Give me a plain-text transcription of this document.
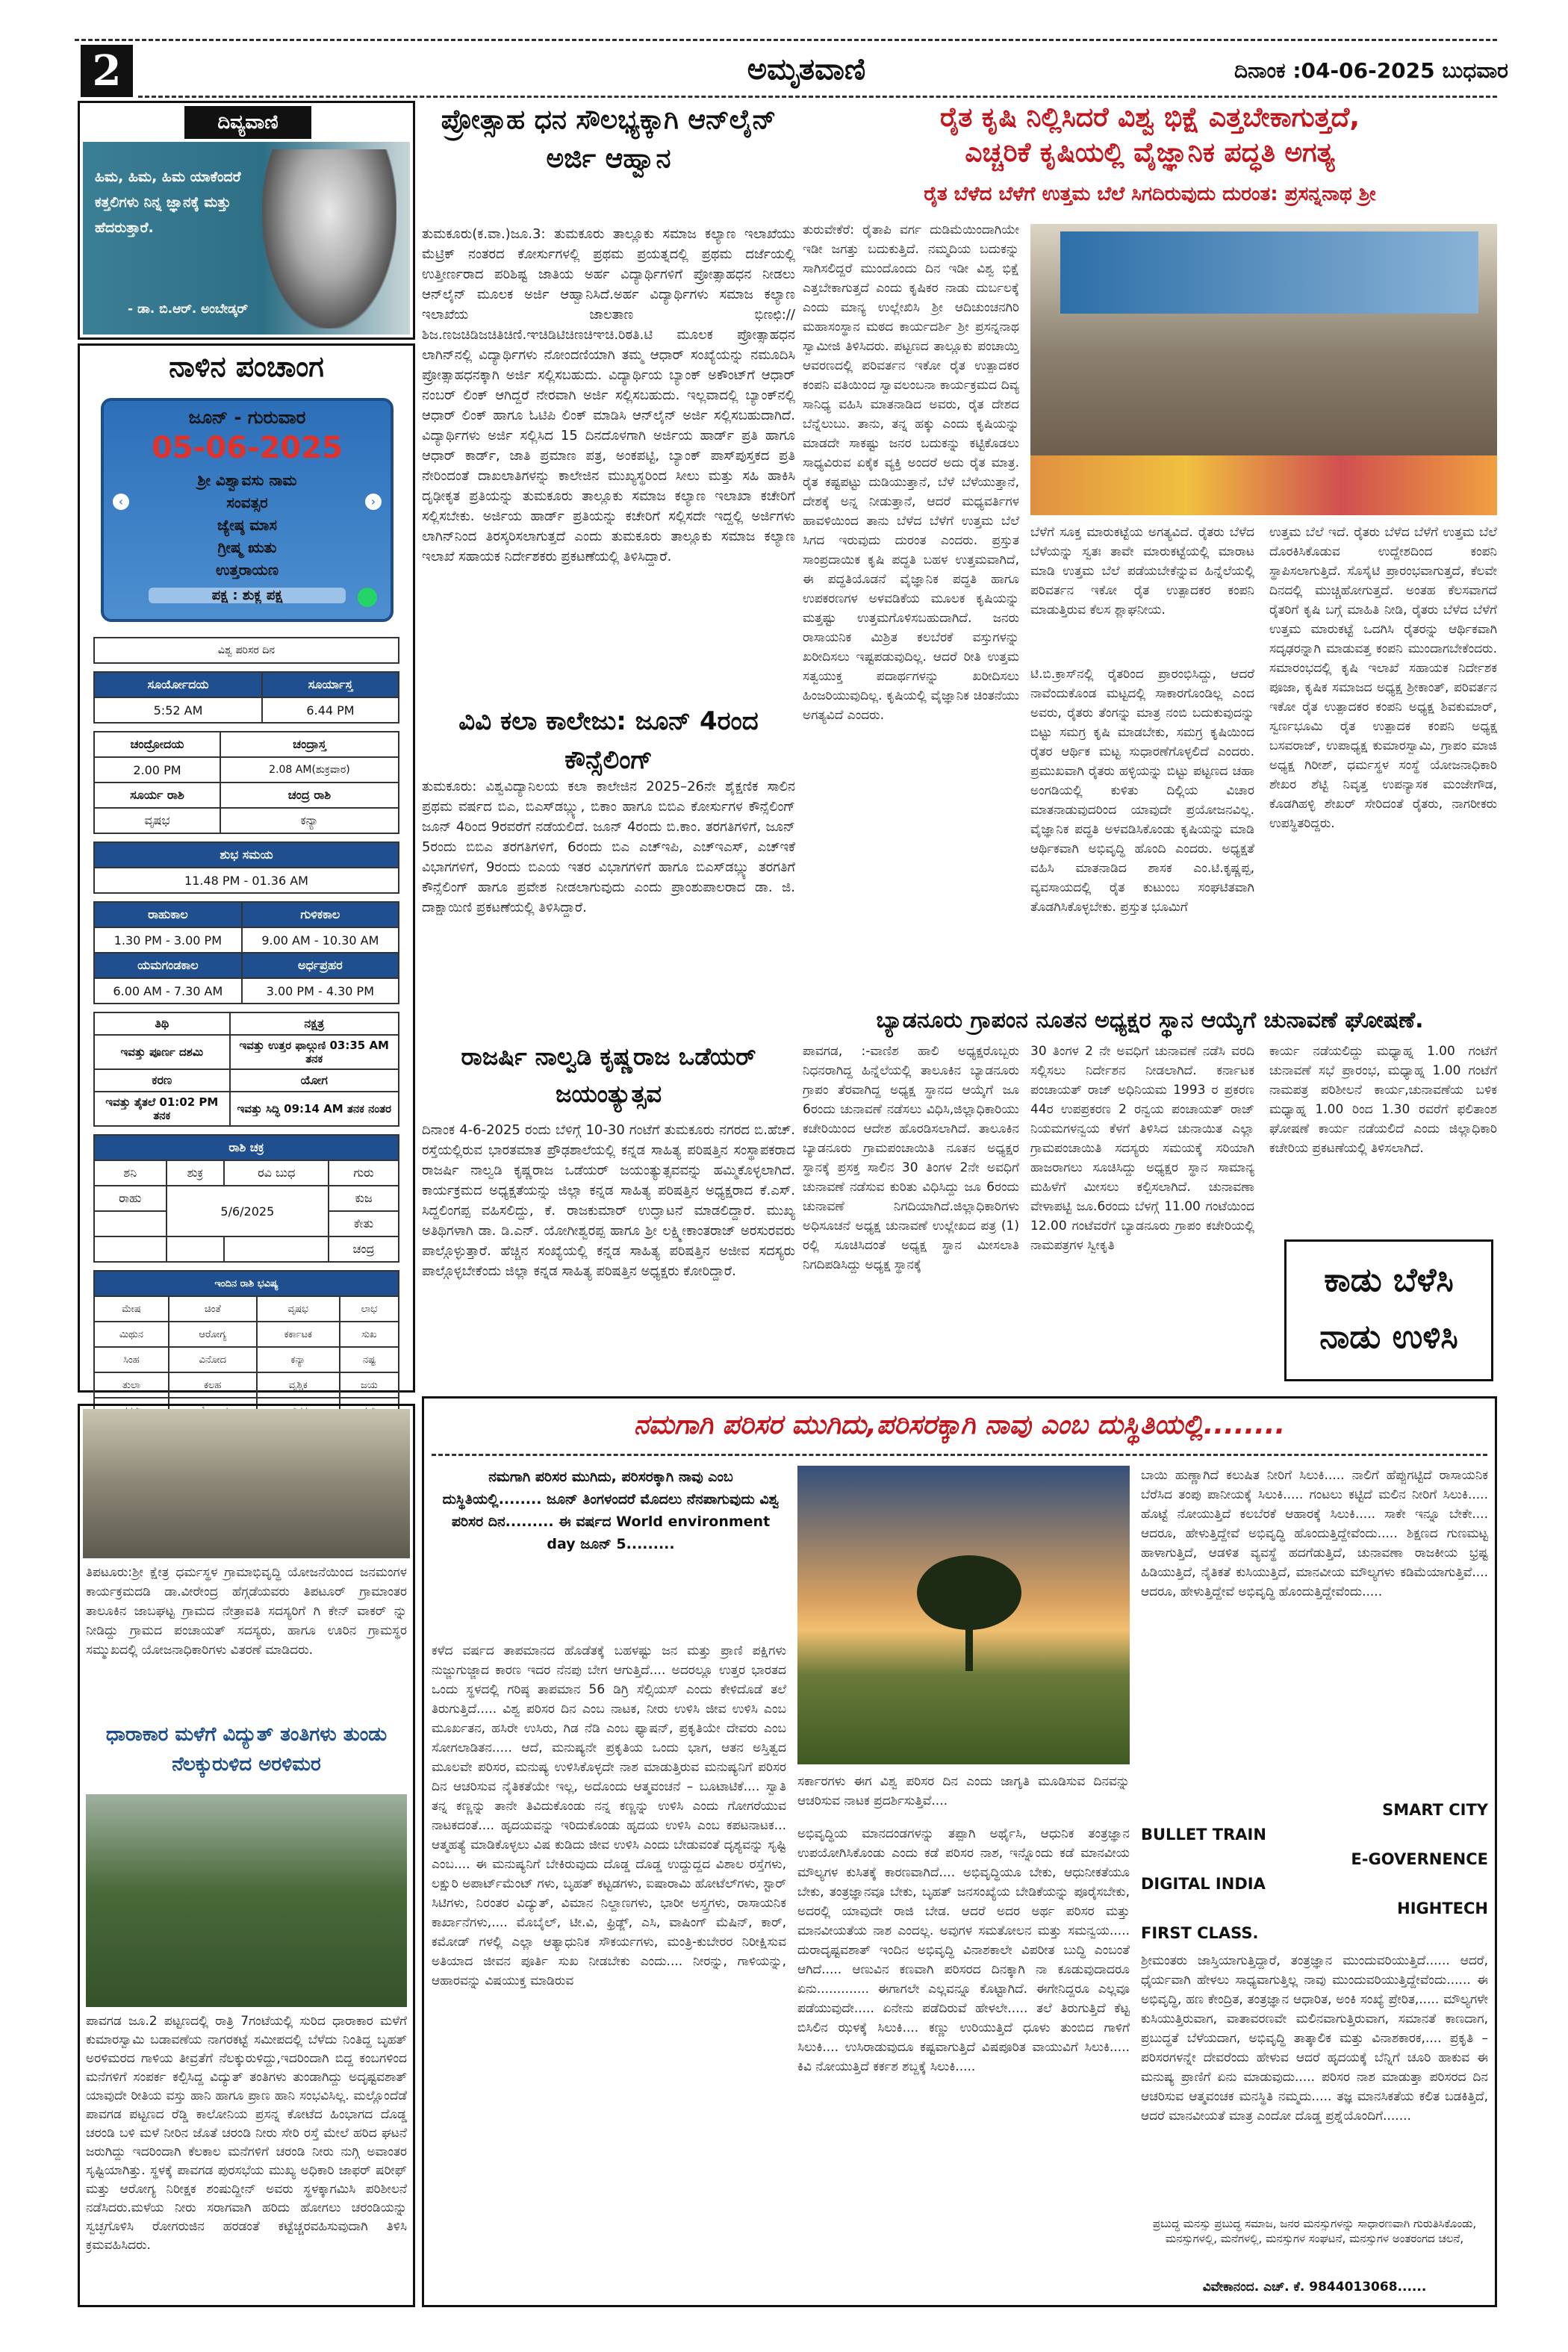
2	ಅಮೃತವಾಣಿ	ದಿನಾಂಕ :04-06-2025 ಬುಧವಾರ
ದಿವ್ಯವಾಣಿ
ಹಿಮ, ಹಿಮ, ಹಿಮ ಯಾಕೆಂದರೆ ಕತ್ತಲಿಗಳು ನಿನ್ನ ಜ್ಞಾನಕ್ಕೆ ಮತ್ತು ಹೆದರುತ್ತಾರೆ.
- ಡಾ. ಬಿ.ಆರ್. ಅಂಬೇಡ್ಕರ್
ನಾಳಿನ ಪಂಚಾಂಗ
ಜೂನ್ - ಗುರುವಾರ
05-06-2025
‹	›
ಶ್ರೀ ವಿಶ್ವಾವಸು ನಾಮ
ಸಂವತ್ಸರ
ಜ್ಯೇಷ್ಠ ಮಾಸ
ಗ್ರೀಷ್ಮ ಋತು
ಉತ್ತರಾಯಣ
ಪಕ್ಷ : ಶುಕ್ಲ ಪಕ್ಷ
ವಿಶ್ವ ಪರಿಸರ ದಿನ
ಸೂರ್ಯೋದಯ	ಸೂರ್ಯಾಸ್ತ
5:52 AM	6.44 PM
ಚಂದ್ರೋದಯ	ಚಂದ್ರಾಸ್ತ
2.00 PM	2.08 AM(ಶುಕ್ರವಾರ)
ಸೂರ್ಯ ರಾಶಿ	ಚಂದ್ರ ರಾಶಿ
ವೃಷಭ	ಕನ್ಯಾ
ಶುಭ ಸಮಯ
11.48 PM - 01.36 AM
ರಾಹುಕಾಲ	ಗುಳಿಕಕಾಲ
1.30 PM - 3.00 PM	9.00 AM - 10.30 AM
ಯಮಗಂಡಕಾಲ	ಅರ್ಧಪ್ರಹರ
6.00 AM - 7.30 AM	3.00 PM - 4.30 PM
ತಿಥಿ	ನಕ್ಷತ್ರ
ಇವತ್ತು ಪೂರ್ಣ ದಶಮಿ	ಇವತ್ತು ಉತ್ತರ ಫಾಲ್ಗುಣಿ 03:35 AM ತನಕ
ಕರಣ	ಯೋಗ
ಇವತ್ತು ತೈತಲೆ 01:02 PM ತನಕ	ಇವತ್ತು ಸಿದ್ಧಿ 09:14 AM ತನಕ ನಂತರ
ರಾಶಿ ಚಕ್ರ			
ಶನಿ	ಶುಕ್ರ	ರವಿ ಬುಧ	ಗುರು
ರಾಹು	5/6/2025		ಕುಜ
			ಕೇತು
			ಚಂದ್ರ
ಇಂದಿನ ರಾಶಿ ಭವಿಷ್ಯ			
ಮೇಷ	ಚಿಂತೆ	ವೃಷಭ	ಲಾಭ
ಮಿಥುನ	ಆರೋಗ್ಯ	ಕರ್ಕಾಟಕ	ಸುಖ
ಸಿಂಹ	ವಿನೋದ	ಕನ್ಯಾ	ನಷ್ಟ
ತುಲಾ	ಕಲಹ	ವೃಶ್ಚಿಕ	ಜಯ

ತಿಪಟೂರು:ಶ್ರೀ ಕ್ಷೇತ್ರ ಧರ್ಮಸ್ಥಳ ಗ್ರಾಮಾಭಿವೃದ್ಧಿ ಯೋಜನೆಯಿಂದ ಜನಮಂಗಳ ಕಾರ್ಯಕ್ರಮದಡಿ ಡಾ.ವೀರೇಂದ್ರ ಹೆಗ್ಗಡೆಯವರು ತಿಪಟೂರ್ ಗ್ರಾಮಾಂತರ ತಾಲೂಕಿನ ಜಾಬಘಟ್ಟ ಗ್ರಾಮದ ನೇತ್ರಾವತಿ ಸದಸ್ಯರಿಗೆ ಗಿ ಕೇನ್ ವಾಕರ್ ನ್ನು ನೀಡಿದ್ದು ಗ್ರಾಮದ ಪಂಚಾಯತ್ ಸದಸ್ಯರು, ಹಾಗೂ ಊರಿನ ಗ್ರಾಮಸ್ಥರ ಸಮ್ಮುಖದಲ್ಲಿ ಯೋಜನಾಧಿಕಾರಿಗಳು ವಿತರಣೆ ಮಾಡಿದರು.
ಧಾರಾಕಾರ ಮಳೆಗೆ ವಿದ್ಯುತ್ ತಂತಿಗಳು ತುಂಡು ನೆಲಕ್ಕುರುಳಿದ ಅರಳಿಮರ
ಪಾವಗಡ ಜೂ.2 ಪಟ್ಟಣದಲ್ಲಿ ರಾತ್ರಿ 7ಗಂಟೆಯಲ್ಲಿ ಸುರಿದ ಧಾರಾಕಾರ ಮಳೆಗೆ ಕುಮಾರಸ್ವಾಮಿ ಬಡಾವಣೆಯ ನಾಗರಕಟ್ಟೆ ಸಮೀಪದಲ್ಲಿ ಬೆಳೆದು ನಿಂತಿದ್ದ ಬೃಹತ್ ಅರಳಿಮರದ ಗಾಳಿಯ ತೀವ್ರತೆಗೆ ನೆಲಕ್ಕುರುಳಿದ್ದು,ಇದರಿಂದಾಗಿ ಬಿದ್ದ ಕಂಬಗಳಿಂದ ಮನೆಗಳಿಗೆ ಸಂಪರ್ಕ ಕಲ್ಪಿಸಿದ್ದ ವಿದ್ಯುತ್ ತಂತಿಗಳು ತುಂಡಾಗಿದ್ದು ಅದೃಷ್ಟವಶಾತ್ ಯಾವುದೇ ರೀತಿಯ ವಸ್ತು ಹಾನಿ ಹಾಗೂ ಪ್ರಾಣ ಹಾನಿ ಸಂಭವಿಸಿಲ್ಲ. ಮಲ್ಲೊಂದೆಡೆ ಪಾವಗಡ ಪಟ್ಟಣದ ರೆಡ್ಡಿ ಕಾಲೋನಿಯ ಪ್ರಸನ್ನ ಕೋಟೆದ ಹಿಂಭಾಗದ ದೊಡ್ಡ ಚರಂಡಿ ಬಳಿ ಮಳೆ ನೀರಿನ ಜೊತೆ ಚರಂಡಿ ನೀರು ಸೇರಿ ರಸ್ತೆ ಮೇಲೆ ಹರಿದ ಘಟನೆ ಜರುಗಿದ್ದು ಇದರಿಂದಾಗಿ ಕೆಲಕಾಲ ಮನೆಗಳಿಗೆ ಚರಂಡಿ ನೀರು ನುಗ್ಗಿ ಅವಾಂತರ ಸೃಷ್ಟಿಯಾಗಿತ್ತು. ಸ್ಥಳಕ್ಕೆ ಪಾವಗಡ ಪುರಸಭೆಯ ಮುಖ್ಯ ಅಧಿಕಾರಿ ಜಾಫರ್ ಷರೀಫ್ ಮತ್ತು ಆರೋಗ್ಯ ನಿರೀಕ್ಷಕ ಶಂಷುದ್ದೀನ್ ಅವರು ಸ್ಥಳಕ್ಕಾಗಮಿಸಿ ಪರಿಶೀಲನೆ ನಡೆಸಿದರು.ಮಳೆಯ ನೀರು ಸರಾಗವಾಗಿ ಹರಿದು ಹೋಗಲು ಚರಂಡಿಯನ್ನು ಸ್ವಚ್ಛಗೊಳಿಸಿ ರೋಗರುಜಿನ ಹರಡಂತೆ ಕಟ್ಟೆಚ್ಚರವಹಿಸುವುದಾಗಿ ತಿಳಿಸಿ ಕ್ರಮವಹಿಸಿದರು.
ಪ್ರೋತ್ಸಾಹ ಧನ ಸೌಲಭ್ಯಕ್ಕಾಗಿ ಆನ್‌ಲೈನ್ ಅರ್ಜಿ ಆಹ್ವಾನ
ತುಮಕೂರು(ಕ.ವಾ.)ಜೂ.3: ತುಮಕೂರು ತಾಲ್ಲೂಕು ಸಮಾಜ ಕಲ್ಯಾಣ ಇಲಾಖೆಯು ಮೆಟ್ರಿಕ್ ನಂತರದ ಕೋರ್ಸುಗಳಲ್ಲಿ ಪ್ರಥಮ ಪ್ರಯತ್ನದಲ್ಲಿ ಪ್ರಥಮ ದರ್ಜೆಯಲ್ಲಿ ಉತ್ತೀರ್ಣರಾದ ಪರಿಶಿಷ್ಟ ಜಾತಿಯ ಅರ್ಹ ವಿದ್ಯಾರ್ಥಿಗಳಿಗೆ ಪ್ರೋತ್ಸಾಹಧನ ನೀಡಲು ಆನ್‌ಲೈನ್ ಮೂಲಕ ಅರ್ಜಿ ಆಹ್ವಾನಿಸಿದೆ.ಅರ್ಹ ವಿದ್ಯಾರ್ಥಿಗಳು ಸಮಾಜ ಕಲ್ಯಾಣ ಇಲಾಖೆಯ ಜಾಲತಾಣ ಭಿಣಛಿ:// ಶಿಜ.ಣಜಚಿಡಿಜಚಿತಿಚಿಣಿ.ಞಚಿಡಿಟಿಚಿಣಚಿಞಚಿ.ರಿಠತಿ.ಟಿ ಮೂಲಕ ಪ್ರೋತ್ಸಾಹಧನ ಲಾಗಿನ್‌ನಲ್ಲಿ ವಿದ್ಯಾರ್ಥಿಗಳು ನೋಂದಣಿಯಾಗಿ ತಮ್ಮ ಆಧಾರ್ ಸಂಖ್ಯೆಯನ್ನು ನಮೂದಿಸಿ ಪ್ರೋತ್ಸಾಹಧನಕ್ಕಾಗಿ ಅರ್ಜಿ ಸಲ್ಲಿಸಬಹುದು. ವಿದ್ಯಾರ್ಥಿಯ ಬ್ಯಾಂಕ್ ಅಕೌಂಟ್‌ಗೆ ಆಧಾರ್ ನಂಬರ್ ಲಿಂಕ್ ಆಗಿದ್ದರೆ ನೇರವಾಗಿ ಅರ್ಜಿ ಸಲ್ಲಿಸಬಹುದು. ಇಲ್ಲವಾದಲ್ಲಿ ಬ್ಯಾಂಕ್‌ನಲ್ಲಿ ಆಧಾರ್ ಲಿಂಕ್ ಹಾಗೂ ಓಟಿಪಿ ಲಿಂಕ್ ಮಾಡಿಸಿ ಆನ್‌ಲೈನ್ ಅರ್ಜಿ ಸಲ್ಲಿಸಬಹುದಾಗಿದೆ. ವಿದ್ಯಾರ್ಥಿಗಳು ಅರ್ಜಿ ಸಲ್ಲಿಸಿದ 15 ದಿನದೊಳಗಾಗಿ ಅರ್ಜಿಯ ಹಾರ್ಡ್ ಪ್ರತಿ ಹಾಗೂ ಆಧಾರ್ ಕಾರ್ಡ್, ಜಾತಿ ಪ್ರಮಾಣ ಪತ್ರ, ಅಂಕಪಟ್ಟಿ, ಬ್ಯಾಂಕ್ ಪಾಸ್‌ಪುಸ್ತಕದ ಪ್ರತಿ ನೇರಿಂದಂತೆ ದಾಖಲಾತಿಗಳನ್ನು ಕಾಲೇಜಿನ ಮುಖ್ಯಸ್ಥರಿಂದ ಸೀಲು ಮತ್ತು ಸಹಿ ಹಾಕಿಸಿ ದೃಢೀಕೃತ ಪ್ರತಿಯನ್ನು ತುಮಕೂರು ತಾಲ್ಲೂಕು ಸಮಾಜ ಕಲ್ಯಾಣ ಇಲಾಖಾ ಕಚೇರಿಗೆ ಸಲ್ಲಿಸಬೇಕು. ಅರ್ಜಿಯ ಹಾರ್ಡ್ ಪ್ರತಿಯನ್ನು ಕಚೇರಿಗೆ ಸಲ್ಲಿಸದೇ ಇದ್ದಲ್ಲಿ ಅರ್ಜಿಗಳು ಲಾಗಿನ್‌ನಿಂದ ತಿರಸ್ಕರಿಸಲಾಗುತ್ತದೆ ಎಂದು ತುಮಕೂರು ತಾಲ್ಲೂಕು ಸಮಾಜ ಕಲ್ಯಾಣ ಇಲಾಖೆ ಸಹಾಯಕ ನಿರ್ದೇಶಕರು ಪ್ರಕಟಣೆಯಲ್ಲಿ ತಿಳಿಸಿದ್ದಾರೆ.
ವಿವಿ ಕಲಾ ಕಾಲೇಜು: ಜೂನ್ 4ರಂದ ಕೌನ್ಸೆಲಿಂಗ್
ತುಮಕೂರು: ವಿಶ್ವವಿದ್ಯಾನಿಲಯ ಕಲಾ ಕಾಲೇಜಿನ 2025–26ನೇ ಶೈಕ್ಷಣಿಕ ಸಾಲಿನ ಪ್ರಥಮ ವರ್ಷದ ಬಿಎ, ಬಿಎಸ್‌ಡಬ್ಲ್ಯು, ಬಿಕಾಂ ಹಾಗೂ ಬಿಬಿಎ ಕೋರ್ಸುಗಳ ಕೌನ್ಸೆಲಿಂಗ್ ಜೂನ್ 4ರಿಂದ 9ರವರೆಗೆ ನಡೆಯಲಿದೆ. ಜೂನ್ 4ರಂದು ಬಿ.ಕಾಂ. ತರಗತಿಗಳಿಗೆ, ಜೂನ್ 5ರಂದು ಬಿಬಿಎ ತರಗತಿಗಳಿಗೆ, 6ರಂದು ಬಿಎ ಎಚ್‌ಇಪಿ, ಎಚ್‌ಇಎಸ್, ಎಚ್‌ಇಕೆ ವಿಭಾಗಗಳಿಗೆ, 9ರಂದು ಬಿಎಯ ಇತರ ವಿಭಾಗಗಳಿಗೆ ಹಾಗೂ ಬಿಎಸ್‌ಡಬ್ಲ್ಯು ತರಗತಿಗೆ ಕೌನ್ಸೆಲಿಂಗ್ ಹಾಗೂ ಪ್ರವೇಶ ನೀಡಲಾಗುವುದು ಎಂದು ಪ್ರಾಂಶುಪಾಲರಾದ ಡಾ. ಜಿ. ದಾಕ್ಷಾಯಿಣಿ ಪ್ರಕಟಣೆಯಲ್ಲಿ ತಿಳಿಸಿದ್ದಾರೆ.
ರಾಜರ್ಷಿ ನಾಲ್ವಡಿ ಕೃಷ್ಣರಾಜ ಒಡೆಯರ್ ಜಯಂತ್ಯುತ್ಸವ
ದಿನಾಂಕ 4-6-2025 ರಂದು ಬೆಳಿಗ್ಗೆ 10-30 ಗಂಟೆಗೆ ತುಮಕೂರು ನಗರದ ಬಿ.ಹೆಚ್. ರಸ್ತೆಯಲ್ಲಿರುವ ಭಾರತಮಾತ ಪ್ರೌಢಶಾಲೆಯಲ್ಲಿ ಕನ್ನಡ ಸಾಹಿತ್ಯ ಪರಿಷತ್ತಿನ ಸಂಸ್ಥಾಪಕರಾದ ರಾಜರ್ಷಿ ನಾಲ್ವಡಿ ಕೃಷ್ಣರಾಜ ಒಡೆಯರ್ ಜಯಂತ್ಯುತ್ಸವವನ್ನು ಹಮ್ಮಿಕೊಳ್ಳಲಾಗಿದೆ. ಕಾರ್ಯಕ್ರಮದ ಅಧ್ಯಕ್ಷತೆಯನ್ನು ಜಿಲ್ಲಾ ಕನ್ನಡ ಸಾಹಿತ್ಯ ಪರಿಷತ್ತಿನ ಅಧ್ಯಕ್ಷರಾದ ಕೆ.ಎಸ್. ಸಿದ್ದಲಿಂಗಪ್ಪ ವಹಿಸಲಿದ್ದು, ಕೆ. ರಾಜಕುಮಾರ್ ಉದ್ಘಾಟನೆ ಮಾಡಲಿದ್ದಾರೆ. ಮುಖ್ಯ ಅತಿಥಿಗಳಾಗಿ ಡಾ. ಡಿ.ಎನ್. ಯೋಗೀಶ್ವರಪ್ಪ ಹಾಗೂ ಶ್ರೀ ಲಕ್ಷ್ಮೀಕಾಂತರಾಜ್ ಅರಸುರವರು ಪಾಲ್ಗೊಳ್ಳುತ್ತಾರೆ. ಹೆಚ್ಚಿನ ಸಂಖ್ಯೆಯಲ್ಲಿ ಕನ್ನಡ ಸಾಹಿತ್ಯ ಪರಿಷತ್ತಿನ ಅಜೀವ ಸದಸ್ಯರು ಪಾಲ್ಗೊಳ್ಳಬೇಕೆಂದು ಜಿಲ್ಲಾ ಕನ್ನಡ ಸಾಹಿತ್ಯ ಪರಿಷತ್ತಿನ ಅಧ್ಯಕ್ಷರು ಕೋರಿದ್ದಾರೆ.
ರೈತ ಕೃಷಿ ನಿಲ್ಲಿಸಿದರೆ ವಿಶ್ವ ಭಿಕ್ಷೆ ಎತ್ತಬೇಕಾಗುತ್ತದೆ,
ಎಚ್ಚರಿಕೆ ಕೃಷಿಯಲ್ಲಿ ವೈಜ್ಞಾನಿಕ ಪದ್ಧತಿ ಅಗತ್ಯ
ರೈತ ಬೆಳೆದ ಬೆಳೆಗೆ ಉತ್ತಮ ಬೆಲೆ ಸಿಗದಿರುವುದು ದುರಂತ: ಪ್ರಸನ್ನನಾಥ ಶ್ರೀ
ತುರುವೇಕೆರೆ: ರೈತಾಪಿ ವರ್ಗ ದುಡಿಮೆಯಿಂದಾಗಿಯೇ ಇಡೀ ಜಗತ್ತು ಬದುಕುತ್ತಿದೆ. ನಮ್ಮದಿಯ ಬದುಕನ್ನು ಸಾಗಿಸಲಿದ್ದರೆ ಮುಂದೊಂದು ದಿನ ಇಡೀ ವಿಶ್ವ ಭಿಕ್ಷೆ ಎತ್ತಬೇಕಾಗುತ್ತದೆ ಎಂದು ಕೃಷಿಕರ ನಾಡು ದುರ್ಬಲಕ್ಕೆ ಎಂದು ಮಾನ್ಯ ಉಲ್ಲೇಖಿಸಿ ಶ್ರೀ ಆದಿಚುಂಚನಗಿರಿ ಮಹಾಸಂಸ್ಥಾನ ಮಠದ ಕಾರ್ಯದರ್ಶಿ ಶ್ರೀ ಪ್ರಸನ್ನನಾಥ ಸ್ವಾಮೀಜಿ ತಿಳಿಸಿದರು. ಪಟ್ಟಣದ ತಾಲ್ಲೂಕು ಪಂಚಾಯ್ತಿ ಆವರಣದಲ್ಲಿ ಪರಿವರ್ತನ ಇಕೋ ರೈತ ಉತ್ಪಾದಕರ ಕಂಪನಿ ವತಿಯಿಂದ ಸ್ವಾವಲಂಬನಾ ಕಾರ್ಯಕ್ರಮದ ದಿವ್ಯ ಸಾನಿಧ್ಯ ವಹಿಸಿ ಮಾತನಾಡಿದ ಅವರು, ರೈತ ದೇಶದ ಬೆನ್ನೆಲುಬು. ತಾನು, ತನ್ನ ಹಕ್ಕು ಎಂದು ಕೃಷಿಯನ್ನು ಮಾಡದೇ ಸಾಕಷ್ಟು ಜನರ ಬದುಕನ್ನು ಕಟ್ಟಿಕೊಡಲು ಸಾಧ್ಯವಿರುವ ಏಕೈಕ ವ್ಯಕ್ತಿ ಅಂದರೆ ಅದು ರೈತ ಮಾತ್ರ. ರೈತ ಕಷ್ಟಪಟ್ಟು ದುಡಿಯುತ್ತಾನೆ, ಬೆಳೆ ಬೆಳೆಯುತ್ತಾನೆ, ದೇಶಕ್ಕೆ ಅನ್ನ ನೀಡುತ್ತಾನೆ, ಆದರೆ ಮಧ್ಯವರ್ತಿಗಳ ಹಾವಳಿಯಿಂದ ತಾನು ಬೆಳೆದ ಬೆಳೆಗೆ ಉತ್ತಮ ಬೆಲೆ ಸಿಗದ ಇರುವುದು ದುರಂತ ಎಂದರು. ಪ್ರಸ್ತುತ ಸಾಂಪ್ರದಾಯಿಕ ಕೃಷಿ ಪದ್ಧತಿ ಬಹಳ ಉತ್ತಮವಾಗಿದೆ, ಈ ಪದ್ಧತಿಯೊಡನೆ ವೈಜ್ಞಾನಿಕ ಪದ್ಧತಿ ಹಾಗೂ ಉಪಕರಣಗಳ ಅಳವಡಿಕೆಯ ಮೂಲಕ ಕೃಷಿಯನ್ನು ಮತ್ತಷ್ಟು ಉತ್ತಮಗೊಳಿಸಬಹುದಾಗಿದೆ. ಜನರು ರಾಸಾಯನಿಕ ಮಿಶ್ರಿತ ಕಲಬೆರಕೆ ವಸ್ತುಗಳನ್ನು ಖರೀದಿಸಲು ಇಷ್ಟಪಡುವುದಿಲ್ಲ. ಆದರೆ ರೀತಿ ಉತ್ತಮ ಸತ್ವಯುಕ್ತ ಪದಾರ್ಥಗಳನ್ನು ಖರೀದಿಸಲು ಹಿಂಜರಿಯುವುದಿಲ್ಲ. ಕೃಷಿಯಲ್ಲಿ ವೈಜ್ಞಾನಿಕ ಚಿಂತನೆಯು ಅಗತ್ಯವಿದೆ ಎಂದರು.
ಬೆಳೆಗೆ ಸೂಕ್ತ ಮಾರುಕಟ್ಟೆಯ ಅಗತ್ಯವಿದೆ. ರೈತರು ಬೆಳೆದ ಬೆಳೆಯನ್ನು ಸ್ವತಃ ತಾವೇ ಮಾರುಕಟ್ಟೆಯಲ್ಲಿ ಮಾರಾಟ ಮಾಡಿ ಉತ್ತಮ ಬೆಲೆ ಪಡೆಯಬೇಕೆನ್ನುವ ಹಿನ್ನೆಲೆಯಲ್ಲಿ ಪರಿವರ್ತನ ಇಕೋ ರೈತ ಉತ್ಪಾದಕರ ಕಂಪನಿ ಮಾಡುತ್ತಿರುವ ಕೆಲಸ ಶ್ಲಾಘನೀಯ.
ಟಿ.ಬಿ.ಕ್ರಾಸ್‌ನಲ್ಲಿ ರೈತರಿಂದ ಪ್ರಾರಂಭಿಸಿದ್ದು, ಆದರೆ ನಾವೆಂದುಕೊಂಡ ಮಟ್ಟದಲ್ಲಿ ಸಾಕಾರಗೊಂಡಿಲ್ಲ ಎಂದ ಅವರು, ರೈತರು ತೆಂಗನ್ನು ಮಾತ್ರ ನಂಬಿ ಬದುಕುವುದನ್ನು ಬಿಟ್ಟು ಸಮಗ್ರ ಕೃಷಿ ಮಾಡಬೇಕು, ಸಮಗ್ರ ಕೃಷಿಯಿಂದ ರೈತರ ಆರ್ಥಿಕ ಮಟ್ಟ ಸುಧಾರಣೆಗೊಳ್ಳಲಿದೆ ಎಂದರು. ಪ್ರಮುಖವಾಗಿ ರೈತರು ಹಳ್ಳಿಯನ್ನು ಬಿಟ್ಟು ಪಟ್ಟಣದ ಚಹಾ ಅಂಗಡಿಯಲ್ಲಿ ಕುಳಿತು ದಿಲ್ಲಿಯ ವಿಚಾರ ಮಾತನಾಡುವುದರಿಂದ ಯಾವುದೇ ಪ್ರಯೋಜನವಿಲ್ಲ. ವೈಜ್ಞಾನಿಕ ಪದ್ಧತಿ ಅಳವಡಿಸಿಕೊಂಡು ಕೃಷಿಯನ್ನು ಮಾಡಿ ಆರ್ಥಿಕವಾಗಿ ಅಭಿವೃದ್ಧಿ ಹೊಂದಿ ಎಂದರು. ಅಧ್ಯಕ್ಷತೆ ವಹಿಸಿ ಮಾತನಾಡಿದ ಶಾಸಕ ಎಂ.ಟಿ.ಕೃಷ್ಣಪ್ಪ, ವ್ಯವಸಾಯದಲ್ಲಿ ರೈತ ಕುಟುಂಬ ಸಂಘಟಿತವಾಗಿ ತೊಡಗಿಸಿಕೊಳ್ಳಬೇಕು. ಪ್ರಸ್ತುತ ಭೂಮಿಗೆ
ಉತ್ತಮ ಬೆಲೆ ಇದೆ. ರೈತರು ಬೆಳೆದ ಬೆಳೆಗೆ ಉತ್ತಮ ಬೆಲೆ ದೊರಕಿಸಿಕೊಡುವ ಉದ್ದೇಶದಿಂದ ಕಂಪನಿ ಸ್ಥಾಪಿಸಲಾಗುತ್ತಿದೆ. ಸೊಸೈಟಿ ಪ್ರಾರಂಭವಾಗುತ್ತದೆ, ಕೆಲವೇ ದಿನದಲ್ಲಿ ಮುಚ್ಚಿಹೋಗುತ್ತದೆ. ಅಂತಹ ಕೆಲಸವಾಗದೆ ರೈತರಿಗೆ ಕೃಷಿ ಬಗ್ಗೆ ಮಾಹಿತಿ ನೀಡಿ, ರೈತರು ಬೆಳೆದ ಬೆಳೆಗೆ ಉತ್ತಮ ಮಾರುಕಟ್ಟೆ ಒದಗಿಸಿ ರೈತರನ್ನು ಆರ್ಥಿಕವಾಗಿ ಸದೃಢರನ್ನಾಗಿ ಮಾಡುವತ್ತ ಕಂಪನಿ ಮುಂದಾಗಬೇಕೆಂದರು. ಸಮಾರಂಭದಲ್ಲಿ ಕೃಷಿ ಇಲಾಖೆ ಸಹಾಯಕ ನಿರ್ದೇಶಕ ಪೂಜಾ, ಕೃಷಿಕ ಸಮಾಜದ ಅಧ್ಯಕ್ಷ ಶ್ರೀಕಾಂತ್, ಪರಿವರ್ತನ ಇಕೋ ರೈತ ಉತ್ಪಾದಕರ ಕಂಪನಿ ಅಧ್ಯಕ್ಷ ಶಿವಕುಮಾರ್, ಸ್ವರ್ಣಭೂಮಿ ರೈತ ಉತ್ಪಾದಕ ಕಂಪನಿ ಅಧ್ಯಕ್ಷ ಬಸವರಾಜ್, ಉಪಾಧ್ಯಕ್ಷ ಕುಮಾರಸ್ವಾಮಿ, ಗ್ರಾಪಂ ಮಾಜಿ ಅಧ್ಯಕ್ಷ ಗಿರೀಶ್, ಧರ್ಮಸ್ಥಳ ಸಂಸ್ಥೆ ಯೋಜನಾಧಿಕಾರಿ ಶೇಖರ ಶೆಟ್ಟಿ ನಿವೃತ್ತ ಉಪನ್ಯಾಸಕ ಮಂಜೇಗೌಡ, ಕೊಡಗಿಹಳ್ಳಿ ಶೇಖರ್ ಸೇರಿದಂತೆ ರೈತರು, ನಾಗರೀಕರು ಉಪಸ್ಥಿತರಿದ್ದರು.
ಬ್ಯಾಡನೂರು ಗ್ರಾಪಂನ ನೂತನ ಅಧ್ಯಕ್ಷರ ಸ್ಥಾನ ಆಯ್ಕೆಗೆ ಚುನಾವಣೆ ಘೋಷಣೆ.
ಪಾವಗಡ, :-ವಾಣಿಶ ಹಾಲಿ ಅಧ್ಯಕ್ಷರೊಬ್ಬರು ನಿಧನರಾಗಿದ್ದ ಹಿನ್ನೆಲೆಯಲ್ಲಿ ತಾಲೂಕಿನ ಬ್ಯಾಡನೂರು ಗ್ರಾಪಂ ತೆರವಾಗಿದ್ದ ಅಧ್ಯಕ್ಷ ಸ್ಥಾನದ ಆಯ್ಕೆಗೆ ಜೂ 6ರಂದು ಚುನಾವಣೆ ನಡೆಸಲು ವಿಧಿಸಿ,ಜಿಲ್ಲಾಧಿಕಾರಿಯು ಕಚೇರಿಯಿಂದ ಆದೇಶ ಹೊರಡಿಸಲಾಗಿದೆ. ತಾಲೂಕಿನ ಬ್ಯಾಡನೂರು ಗ್ರಾಮಪಂಚಾಯಿತಿ ನೂತನ ಅಧ್ಯಕ್ಷರ ಸ್ಥಾನಕ್ಕೆ ಪ್ರಸಕ್ತ ಸಾಲಿನ 30 ತಿಂಗಳ 2ನೇ ಅವಧಿಗೆ ಚುನಾವಣೆ ನಡೆಸುವ ಕುರಿತು ವಿಧಿಸಿದ್ದು ಜೂ 6ರಂದು ಚುನಾವಣೆ ನಿಗದಿಯಾಗಿದೆ.ಜಿಲ್ಲಾಧಿಕಾರಿಗಳು ಅಧಿಸೂಚನೆ ಅಧ್ಯಕ್ಷ ಚುನಾವಣೆ ಉಲ್ಲೇಖದ ಪತ್ರ (1) ರಲ್ಲಿ ಸೂಚಿಸಿದಂತೆ ಅಧ್ಯಕ್ಷ ಸ್ಥಾನ ಮೀಸಲಾತಿ ನಿಗದಿಪಡಿಸಿದ್ದು ಅಧ್ಯಕ್ಷ ಸ್ಥಾನಕ್ಕೆ
30 ತಿಂಗಳ 2 ನೇ ಅವಧಿಗೆ ಚುನಾವಣೆ ನಡೆಸಿ ವರದಿ ಸಲ್ಲಿಸಲು ನಿರ್ದೇಶನ ನೀಡಲಾಗಿದೆ. ಕರ್ನಾಟಕ ಪಂಚಾಯತ್ ರಾಜ್ ಅಧಿನಿಯಮ 1993 ರ ಪ್ರಕರಣ 44ರ ಉಪಪ್ರಕರಣ 2 ರನ್ವಯ ಪಂಚಾಯತ್ ರಾಜ್ ನಿಯಮಗಳನ್ವಯ ಕೆಳಗೆ ತಿಳಿಸಿದ ಚುನಾಯಿತ ಎಲ್ಲಾ ಗ್ರಾಮಪಂಚಾಯಿತಿ ಸದಸ್ಯರು ಸಮಯಕ್ಕೆ ಸರಿಯಾಗಿ ಹಾಜರಾಗಲು ಸೂಚಿಸಿದ್ದು ಅಧ್ಯಕ್ಷರ ಸ್ಥಾನ ಸಾಮಾನ್ಯ ಮಹಿಳೆಗೆ ಮೀಸಲು ಕಲ್ಪಿಸಲಾಗಿದೆ. ಚುನಾವಣಾ ವೇಳಾಪಟ್ಟಿ ಜೂ.6ರಂದು ಬೆಳಗ್ಗೆ 11.00 ಗಂಟೆಯಿಂದ 12.00 ಗಂಟೆವರೆಗೆ ಬ್ಯಾಡನೂರು ಗ್ರಾಪಂ ಕಚೇರಿಯಲ್ಲಿ ನಾಮಪತ್ರಗಳ ಸ್ವೀಕೃತಿ
ಕಾರ್ಯ ನಡೆಯಲಿದ್ದು ಮಧ್ಯಾಹ್ನ 1.00 ಗಂಟೆಗೆ ಚುನಾವಣೆ ಸಭೆ ಪ್ರಾರಂಭ, ಮಧ್ಯಾಹ್ನ 1.00 ಗಂಟೆಗೆ ನಾಮಪತ್ರ ಪರಿಶೀಲನೆ ಕಾರ್ಯ,ಚುನಾವಣೆಯ ಬಳಿಕ ಮಧ್ಯಾಹ್ನ 1.00 ರಿಂದ 1.30 ರವರೆಗೆ ಫಲಿತಾಂಶ ಘೋಷಣೆ ಕಾರ್ಯ ನಡೆಯಲಿದೆ ಎಂದು ಜಿಲ್ಲಾಧಿಕಾರಿ ಕಚೇರಿಯ ಪ್ರಕಟಣೆಯಲ್ಲಿ ತಿಳಿಸಲಾಗಿದೆ.
ಕಾಡು ಬೆಳೆಸಿ
ನಾಡು ಉಳಿಸಿ
ನಮಗಾಗಿ ಪರಿಸರ ಮುಗಿದು,ಪರಿಸರಕ್ಕಾಗಿ ನಾವು ಎಂಬ ದುಸ್ಥಿತಿಯಲ್ಲಿ........
ನಮಗಾಗಿ ಪರಿಸರ ಮುಗಿದು, ಪರಿಸರಕ್ಕಾಗಿ ನಾವು ಎಂಬ ದುಸ್ಥಿತಿಯಲ್ಲಿ........ ಜೂನ್ ತಿಂಗಳಂದರೆ ಮೊದಲು ನೆನಪಾಗುವುದು ವಿಶ್ವ ಪರಿಸರ ದಿನ......... ಈ ವರ್ಷದ World environment day ಜೂನ್ 5.........
ಕಳೆದ ವರ್ಷದ ತಾಪಮಾನದ ಹೊಡೆತಕ್ಕೆ ಬಹಳಷ್ಟು ಜನ ಮತ್ತು ಪ್ರಾಣಿ ಪಕ್ಷಿಗಳು ನುಜ್ಜುಗುಜ್ಜಾದ ಕಾರಣ ಇದರ ನೆನಪು ಬೇಗ ಆಗುತ್ತಿದೆ.... ಅದರಲ್ಲೂ ಉತ್ತರ ಭಾರತದ ಒಂದು ಸ್ಥಳದಲ್ಲಿ ಗರಿಷ್ಠ ತಾಪಮಾನ 56 ಡಿಗ್ರಿ ಸೆಲ್ಸಿಯಸ್ ಎಂದು ಕೇಳಿದೊಡೆ ತಲೆ ತಿರುಗುತ್ತಿದೆ..... ವಿಶ್ವ ಪರಿಸರ ದಿನ ಎಂಬ ನಾಟಕ, ನೀರು ಉಳಿಸಿ ಜೀವ ಉಳಿಸಿ ಎಂಬ ಮೂರ್ಖತನ, ಹಸಿರೇ ಉಸಿರು, ಗಿಡ ನೆಡಿ ಎಂಬ ಫ್ಯಾಷನ್, ಪ್ರಕೃತಿಯೇ ದೇವರು ಎಂಬ ಸೋಗಲಾಡಿತನ..... ಆದೆ, ಮನುಷ್ಯನೇ ಪ್ರಕೃತಿಯ ಒಂದು ಭಾಗ, ಆತನ ಅಸ್ತಿತ್ವದ ಮೂಲವೇ ಪರಿಸರ, ಮನುಷ್ಯ ಉಳಿಸಿಕೊಳ್ಳದೇ ನಾಶ ಮಾಡುತ್ತಿರುವ ಮನುಷ್ಯನಿಗೆ ಪರಿಸರ ದಿನ ಆಚರಿಸುವ ನೈತಿಕತೆಯೇ ಇಲ್ಲ, ಅದೊಂದು ಆತ್ಮವಂಚನೆ – ಬೂಟಾಟಿಕೆ.... ಸ್ವಾತಿ ತನ್ನ ಕಣ್ಣನ್ನು ತಾನೇ ತಿವಿದುಕೊಂಡು ನನ್ನ ಕಣ್ಣನ್ನು ಉಳಿಸಿ ಎಂದು ಗೋಗರೆಯುವ ನಾಟಕದಂತೆ.... ಹೃದಯವನ್ನು ಇರಿದುಕೊಂಡು ಹೃದಯ ಉಳಿಸಿ ಎಂಬ ಕಪಟನಾಟಕ... ಆತ್ಮಹತ್ಯೆ ಮಾಡಿಕೊಳ್ಳಲು ವಿಷ ಕುಡಿದು ಜೀವ ಉಳಿಸಿ ಎಂದು ಬೇಡುವಂತೆ ದೃಶ್ಯವನ್ನು ಸೃಷ್ಟಿ ಎಂಬ.... ಈ ಮನುಷ್ಯನಿಗೆ ಬೇಕಿರುವುದು ದೊಡ್ಡ ದೊಡ್ಡ ಉದ್ದುದ್ದದ ವಿಶಾಲ ರಸ್ತೆಗಳು, ಲಕ್ಷುರಿ ಅಪಾರ್ಟ್‌ಮೆಂಟ್ ಗಳು, ಬೃಹತ್ ಕಟ್ಟಡಗಳು, ಐಷಾರಾಮಿ ಹೋಟೆಲ್‌ಗಳು, ಸ್ಟಾರ್ ಸಿಟಿಗಳು, ನಿರಂತರ ವಿದ್ಯುತ್, ವಿಮಾನ ನಿಲ್ದಾಣಗಳು, ಭಾರೀ ಅಸ್ತ್ರಗಳು, ರಾಸಾಯನಿಕ ಕಾರ್ಖಾನೆಗಳು,.... ಮೊಬೈಲ್, ಟೀ.ವಿ, ಫ್ರಿಡ್ಜ್, ಎಸಿ, ವಾಷಿಂಗ್ ಮೆಷಿನ್, ಕಾರ್, ಕಮೋಡ್ ಗಳಲ್ಲಿ ಎಲ್ಲಾ ಆತ್ಯಾಧುನಿಕ ಸೌಕರ್ಯಗಳು, ಮಂತ್ರಿ-ಕುಬೇರರ ನಿರೀಕ್ಷಿಸುವ ಅತಿಯಾದ ಜೀವನ ಪೂರ್ತಿ ಸುಖ ನೀಡಬೇಕು ಎಂದು.... ನೀರನ್ನು, ಗಾಳಿಯನ್ನು, ಆಹಾರವನ್ನು ವಿಷಯುಕ್ತ ಮಾಡಿರುವ
ಸರ್ಕಾರಗಳು ಈಗ ವಿಶ್ವ ಪರಿಸರ ದಿನ ಎಂದು ಜಾಗೃತಿ ಮೂಡಿಸುವ ದಿನವನ್ನು ಆಚರಿಸುವ ನಾಟಕ ಪ್ರದರ್ಶಿಸುತ್ತಿವೆ....
ಅಭಿವೃದ್ಧಿಯ ಮಾನದಂಡಗಳನ್ನು ತಪ್ಪಾಗಿ ಅರ್ಥೈಸಿ, ಆಧುನಿಕ ತಂತ್ರಜ್ಞಾನ ಉಪಯೋಗಿಸಿಕೊಂಡು ಎಂದು ಕಡೆ ಪರಿಸರ ನಾಶ, ಇನ್ನೊಂದು ಕಡೆ ಮಾನವೀಯ ಮೌಲ್ಯಗಳ ಕುಸಿತಕ್ಕೆ ಕಾರಣವಾಗಿದೆ.... ಅಭಿವೃದ್ಧಿಯೂ ಬೇಕು, ಆಧುನೀಕತೆಯೂ ಬೇಕು, ತಂತ್ರಜ್ಞಾನವೂ ಬೇಕು, ಬೃಹತ್ ಜನಸಂಖ್ಯೆಯ ಬೇಡಿಕೆಯನ್ನು ಪೂರೈಸಬೇಕು, ಅದರಲ್ಲಿ ಯಾವುದೇ ರಾಜಿ ಬೇಡ. ಆದರೆ ಅದರ ಅರ್ಥ ಪರಿಸರ ಮತ್ತು ಮಾನವೀಯತೆಯ ನಾಶ ಎಂದಲ್ಲ. ಅವುಗಳ ಸಮತೋಲನ ಮತ್ತು ಸಮನ್ವಯ..... ದುರಾದೃಷ್ಟವಶಾತ್ ಇಂದಿನ ಅಭಿವೃದ್ಧಿ ವಿನಾಶಕಾಲೇ ವಿಪರೀತ ಬುದ್ಧಿ ಎಂಬಂತೆ ಆಗಿದೆ..... ಆಣುವಿನ ಕಣವಾಗಿ ಪರಿಸರದ ದಿನಕ್ಕಾಗಿ ನಾ ಕೂಡುವುದಾದರೂ ಏನು............. ಈಗಾಗಲೇ ಎಲ್ಲವನ್ನೂ ಕೊಟ್ಟಾಗಿದೆ. ಈಗೇನಿದ್ದರೂ ಎಲ್ಲವೂ ಪಡೆಯುವುದೇ..... ಏನೇನು ಪಡೆದಿರುವೆ ಹೇಳಲೇ..... ತಲೆ ತಿರುಗುತ್ತಿದೆ ಕೆಟ್ಟ ಬಿಸಿಲಿನ ಝಳಕ್ಕೆ ಸಿಲುಕಿ.... ಕಣ್ಣು ಉರಿಯುತ್ತಿದೆ ಧೂಳು ತುಂಬಿದ ಗಾಳಿಗೆ ಸಿಲುಕಿ.... ಉಸಿರಾಡುವುದೂ ಕಷ್ಟವಾಗುತ್ತಿದೆ ವಿಷಪೂರಿತ ವಾಯುವಿಗೆ ಸಿಲುಕಿ..... ಕಿವಿ ನೋಯುತ್ತಿದೆ ಕರ್ಕಶ ಶಬ್ದಕ್ಕೆ ಸಿಲುಕಿ.....
ಬಾಯಿ ಹುಣ್ಣಾಗಿದೆ ಕಲುಷಿತ ನೀರಿಗೆ ಸಿಲುಕಿ..... ನಾಲಿಗೆ ಹೆಪ್ಪುಗಟ್ಟಿದೆ ರಾಸಾಯನಿಕ ಬೆರೆಸಿದ ತಂಪು ಪಾನೀಯಕ್ಕೆ ಸಿಲುಕಿ..... ಗಂಟಲು ಕಟ್ಟಿದೆ ಮಲಿನ ನೀರಿಗೆ ಸಿಲುಕಿ..... ಹೊಟ್ಟೆ ನೋಯುತ್ತಿದೆ ಕಲಬೆರಕೆ ಆಹಾರಕ್ಕೆ ಸಿಲುಕಿ..... ಸಾಕೇ ಇನ್ನೂ ಬೇಕೇ.... ಆದರೂ, ಹೇಳುತ್ತಿದ್ದೇವೆ ಅಭಿವೃದ್ಧಿ ಹೊಂದುತ್ತಿದ್ದೇವೆಂದು..... ಶಿಕ್ಷಣದ ಗುಣಮಟ್ಟ ಹಾಳಾಗುತ್ತಿದೆ, ಆಡಳಿತ ವ್ಯವಸ್ಥೆ ಹದಗೆಡುತ್ತಿದೆ, ಚುನಾವಣಾ ರಾಜಕೀಯ ಭ್ರಷ್ಟ ಹಿಡಿಯುತ್ತಿದೆ, ನೈತಿಕತೆ ಕುಸಿಯುತ್ತಿದೆ, ಮಾನವೀಯ ಮೌಲ್ಯಗಳು ಕಡಿಮೆಯಾಗುತ್ತಿವೆ.... ಆದರೂ, ಹೇಳುತ್ತಿದ್ದೇವೆ ಅಭಿವೃದ್ಧಿ ಹೊಂದುತ್ತಿದ್ದೇವೆಂದು.....
SMART CITY
BULLET TRAIN
E-GOVERNENCE
DIGITAL INDIA
HIGHTECH
FIRST CLASS.
ಶ್ರೀಮಂತರು ಜಾಸ್ತಿಯಾಗುತ್ತಿದ್ದಾರೆ, ತಂತ್ರಜ್ಞಾನ ಮುಂದುವರಿಯುತ್ತಿದೆ...... ಆದರೆ, ಧೈರ್ಯವಾಗಿ ಹೇಳಲು ಸಾಧ್ಯವಾಗುತ್ತಿಲ್ಲ ನಾವು ಮುಂದುವರಿಯುತ್ತಿದ್ದೇವೆಂದು...... ಈ ಅಭಿವೃದ್ಧಿ, ಹಣ ಕೇಂದ್ರಿತ, ತಂತ್ರಜ್ಞಾನ ಆಧಾರಿತ, ಅಂಕಿ ಸಂಖ್ಯೆ ಪ್ರೇರಿತ,..... ಮೌಲ್ಯಗಳೇ ಕುಸಿಯುತ್ತಿರುವಾಗ, ವಾತಾವರಣವೇ ಮಲಿನವಾಗುತ್ತಿರುವಾಗ, ಸಮಾನತೆ ಕಾಣದಾಗ, ಪ್ರಬುದ್ಧತೆ ಬೆಳೆಯದಾಗ, ಅಭಿವೃದ್ಧಿ ತಾತ್ಕಾಲಿಕ ಮತ್ತು ವಿನಾಶಕಾರಕ,.... ಪ್ರಕೃತಿ – ಪರಿಸರಗಳನ್ನೇ ದೇವರೆಂದು ಹೇಳುವ ಆದರೆ ಹೃದಯಕ್ಕೆ ಬೆನ್ನಿಗೆ ಚೂರಿ ಹಾಕುವ ಈ ಮನುಷ್ಯ ಪ್ರಾಣಿಗೆ ಏನು ಮಾಡುವುದು..... ಪರಿಸರ ನಾಶ ಮಾಡುತ್ತಾ ಪರಿಸರದ ದಿನ ಆಚರಿಸುವ ಆತ್ಮವಂಚಕ ಮನಸ್ಥಿತಿ ನಮ್ಮದು..... ತಜ್ಞ ಮಾನಸಿಕತೆಯ ಕಲಿತ ಬಡಕಿತ್ತಿದೆ, ಆದರೆ ಮಾನವೀಯತೆ ಮಾತ್ರ ಎಂದೋ ದೊಡ್ಡ ಪ್ರಶ್ನೆಯೊಂದಿಗೆ.......
ಪ್ರಬುದ್ಧ ಮನಸ್ಸು ಪ್ರಬುದ್ಧ ಸಮಾಜ, ಜನರ ಮನಸ್ಸುಗಳನ್ನು ಸಾಧಾರಣವಾಗಿ ಗುರುತಿಸಿಕೊಂಡು, ಮನಸ್ಸುಗಳಲ್ಲಿ, ಮನೆಗಳಲ್ಲಿ, ಮನಸ್ಸುಗಳ ಸಂಘಟನೆ, ಮನಸ್ಸುಗಳ ಅಂತರಂಗದ ಚಲನೆ,
ವಿವೇಕಾನಂದ. ಎಚ್. ಕೆ. 9844013068......
